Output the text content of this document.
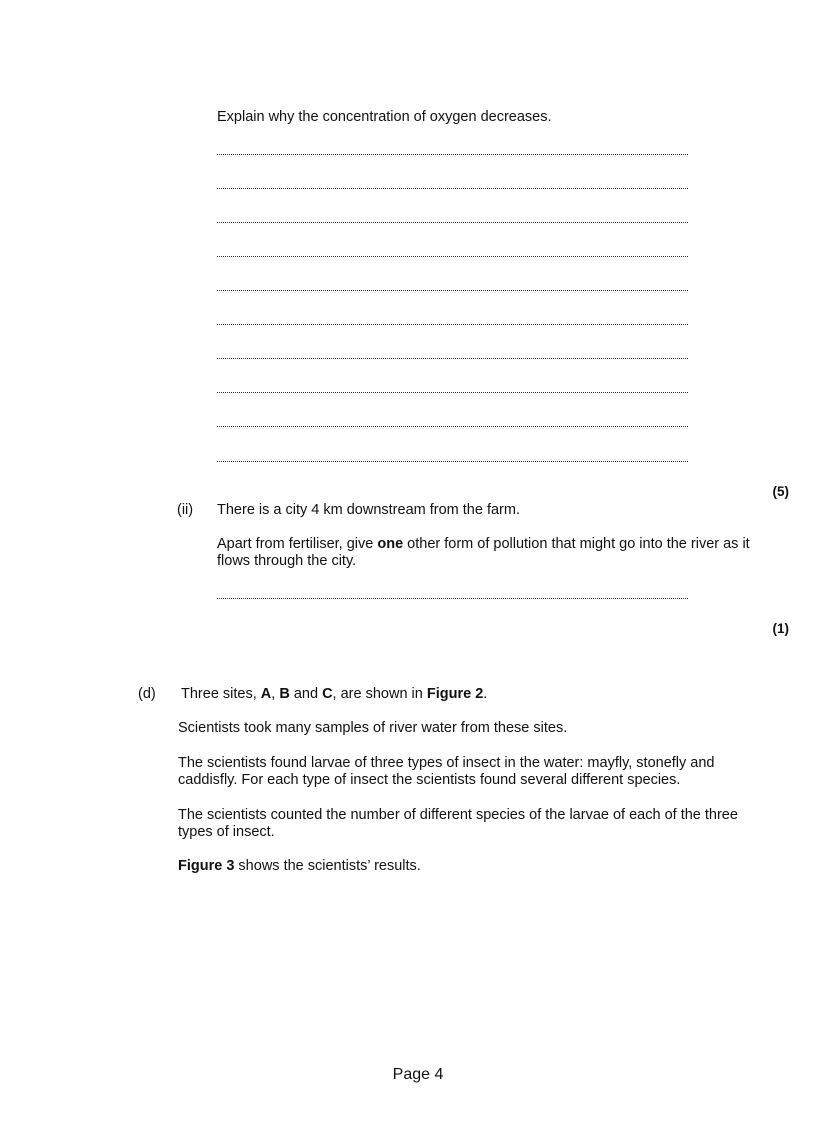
Explain why the concentration of oxygen decreases.

(5)

(ii) There is a city 4 km downstream from the farm.

Apart from fertiliser, give one other form of pollution that might go into the river as it flows through the city.

(1)

(d) Three sites, A, B and C, are shown in Figure 2.

Scientists took many samples of river water from these sites.

The scientists found larvae of three types of insect in the water: mayfly, stonefly and caddisfly. For each type of insect the scientists found several different species.

The scientists counted the number of different species of the larvae of each of the three types of insect.

Figure 3 shows the scientists’ results.

Page 4
